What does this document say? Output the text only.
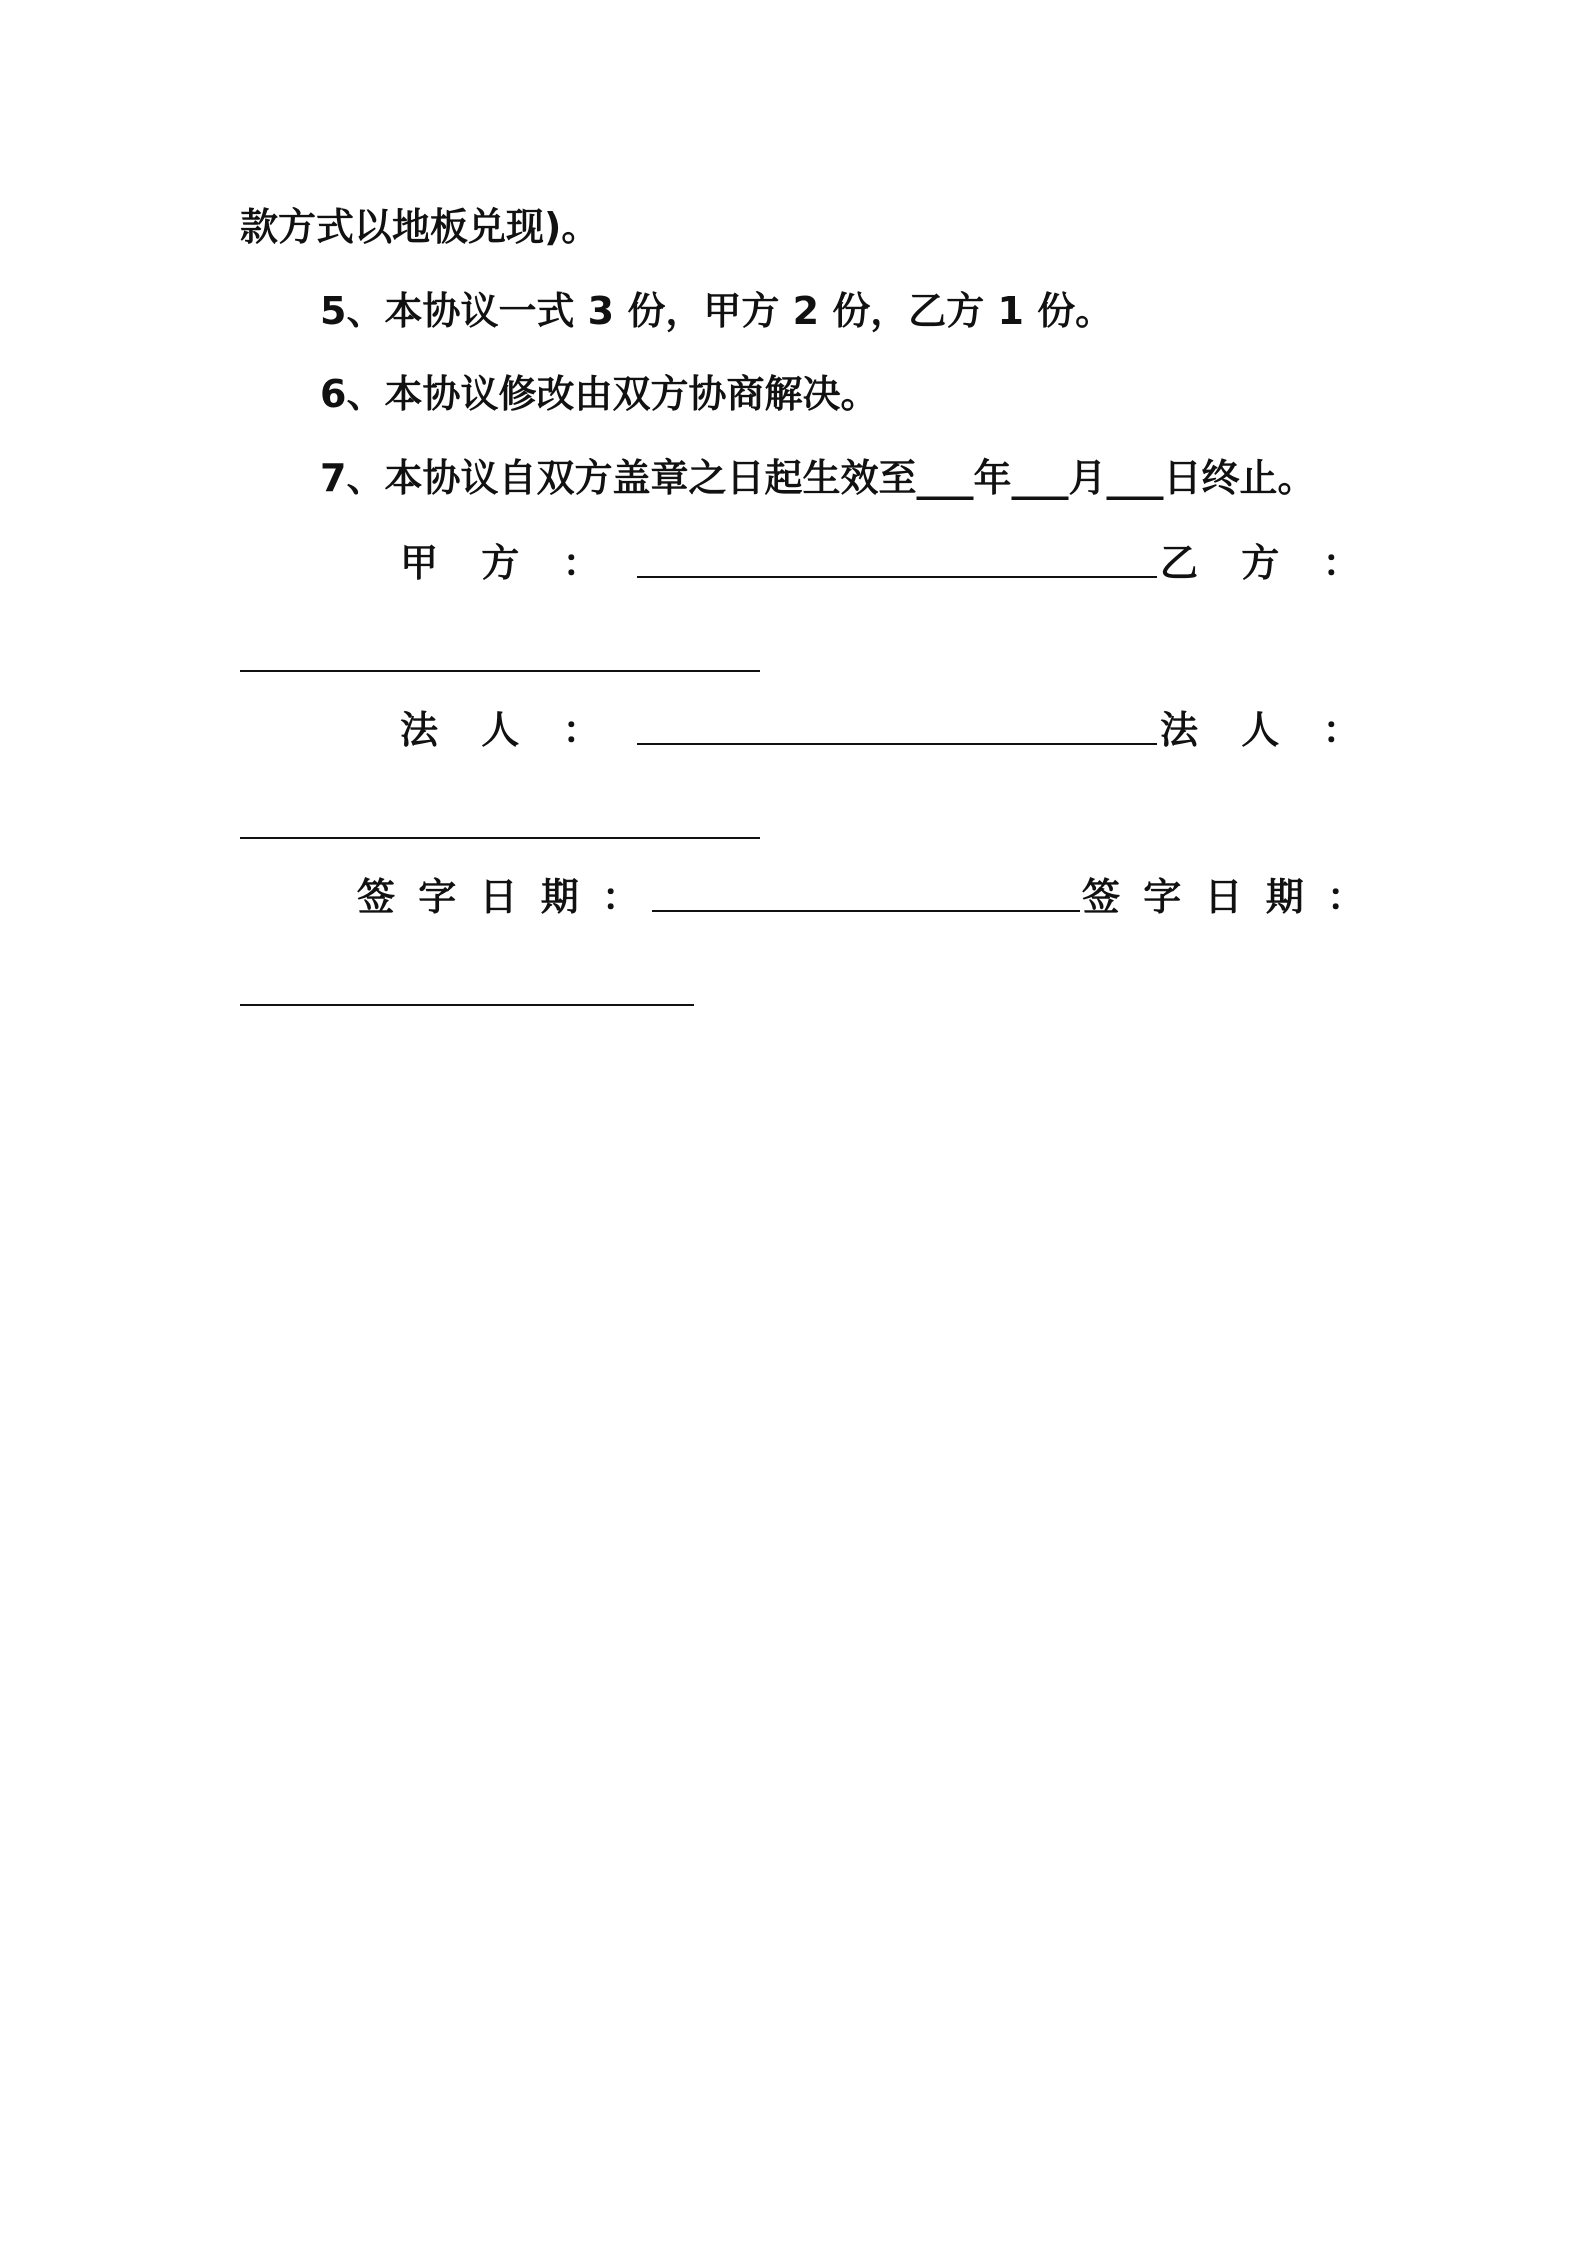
款方式以地板兑现)。
5、本协议一式 3 份，甲方 2 份，乙方 1 份。
6、本协议修改由双方协商解决。
7、本协议自双方盖章之日起生效至___年___月___日终止。
甲 方 ：	乙 方 ：
法 人 ：	法 人 ：
签 字 日 期 ：	签 字 日 期 ：
